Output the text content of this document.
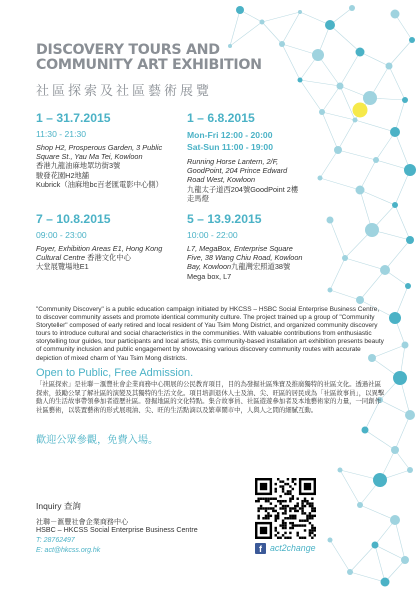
DISCOVERY TOURS AND
COMMUNITY ART EXHIBITION
社區探索及社區藝術展覽
1 – 31.7.2015
11:30 - 21:30
Shop H2, Prosperous Garden, 3 Public Square St., Yau Ma Tei, Kowloon
香港九龍油麻地眾坊街3號
駿發花園H2地舖
Kubrick（油麻地bc百老匯電影中心側）
1 – 6.8.2015
Mon-Fri 12:00 - 20:00
Sat-Sun 11:00 - 19:00
Running Horse Lantern, 2/F, GoodPoint, 204 Prince Edward Road West, Kowloon
九龍太子道西204號GoodPoint 2樓走馬燈
7 – 10.8.2015
09:00 - 23:00
Foyer, Exhibition Areas E1, Hong Kong Cultural Centre 香港文化中心
大堂展覽場地E1
5 – 13.9.2015
10:00 - 22:00
L7, MegaBox, Enterprise Square Five, 38 Wang Chiu Road, Kowloon Bay, Kowloon九龍灣宏照道38號Mega box, L7
"Community Discovery" is a public education campaign initiated by HKCSS – HSBC Social Enterprise Business Centre, to discover community assets and promote identical community culture. The project trained up a group of "Community Storyteller" composed of early retired and local resident of Yau Tsim Mong District, and organized community discovery tours to introduce cultural and social characteristics in the communities. With valuable contributions from enthusiastic storytelling tour guides, tour participants and local artists, this community-based installation art exhibition presents beauty of community inclusion and public engagement by showcasing various discovery community routes with accurate depiction of mixed charm of Yau Tsim Mong districts.
Open to Public, Free Admission.
「社區探索」是社聯－滙豐社會企業商務中心開展的公民教育項目，目的為發掘社區殊寶及推廣獨特的社區文化。透過社區探索，鼓勵公眾了解社區的演變及其獨特的生活文化。項目培訓退休人士及油、尖、旺區的居民成為「社區故事員」，以異擊動人的生活故事帶領參加者遊歷社區。發掘地區的文化特點。集合故事員、社區遊遊參加者及本地藝術家的力量，一同創作社區藝術，以裝置藝術的形式展現油、尖、旺的生活點滴以及繁華鬧市中，人與人之間的細膩互動。
歡迎公眾參觀，免費入場。
Inquiry 查詢
社聯－滙豐社會企業商務中心
HSBC – HKCSS Social Enterprise Business Centre
T: 28762497
E: act@hkcss.org.hk	f act2change
